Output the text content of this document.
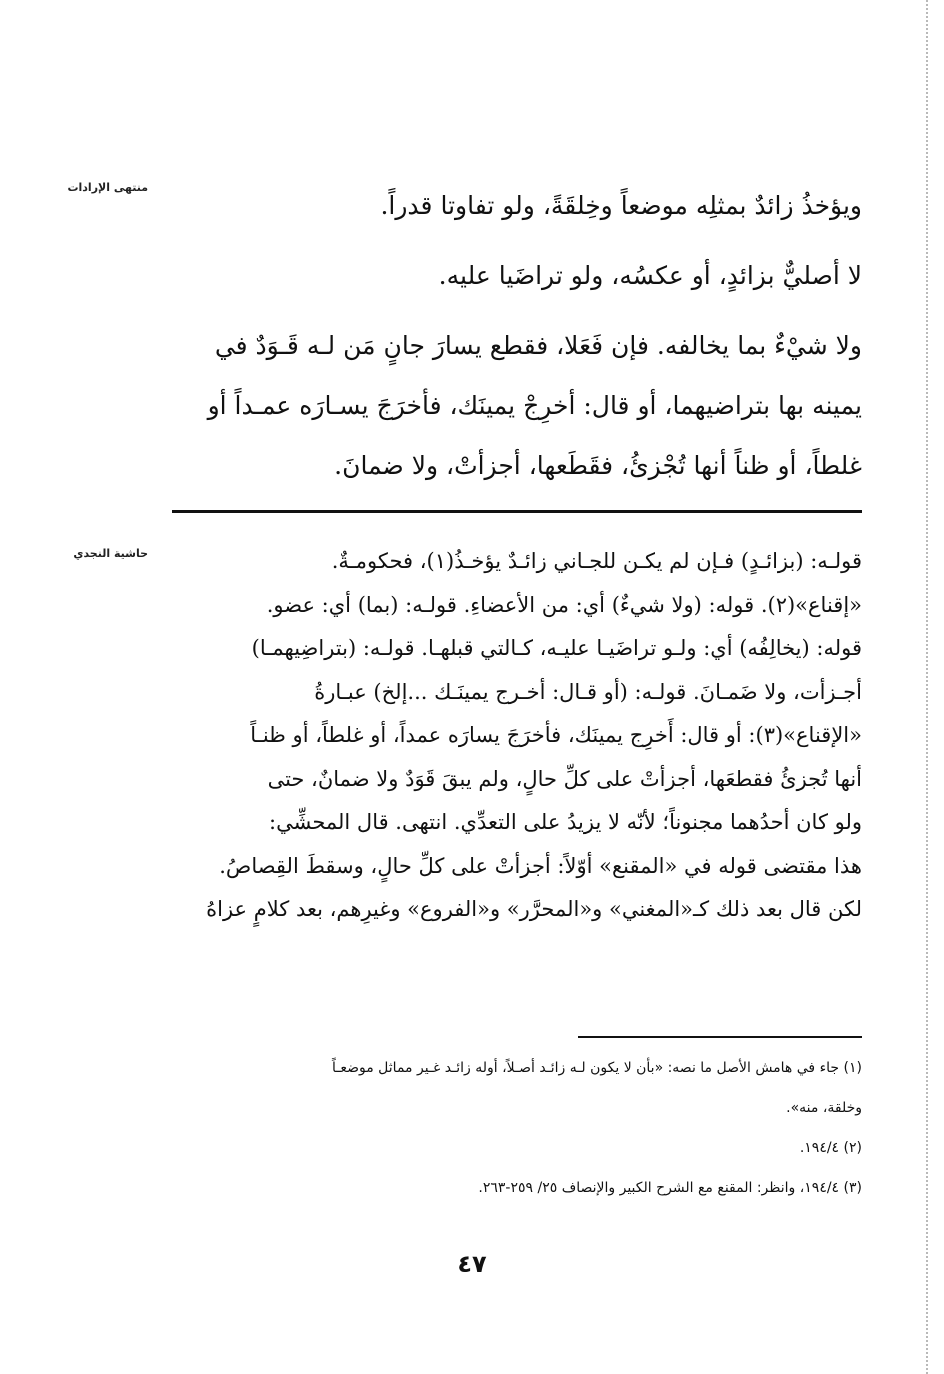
منتهى الإرادات
حاشية النجدي

ويؤخذُ زائدٌ بمثلِه موضعاً وخِلقَةً، ولو تفاوتا قدراً.

لا أصليٌّ بزائدٍ، أو عكسُه، ولو تراضَيا عليه.

ولا شيْءٌ بما يخالفه. فإن فَعَلا، فقطع يسارَ جانٍ مَن لـه قَـوَدٌ في
يمينه بها بتراضيهما، أو قال: أخرِجْ يمينَك، فأخرَجَ يسـارَه عمـداً أو
غلطاً، أو ظناً أنها تُجْزئُ، فقَطَعها، أجزأتْ، ولا ضمانَ.

قولـه: (بزائـدٍ) فـإن لم يكـن للجـاني زائـدٌ يؤخـذُ(١)، فحكومـةٌ.
«إقناع»(٢). قوله: (ولا شيءٌ) أي: من الأعضاءِ. قولـه: (بما) أي: عضو.
قوله: (يخالِفُه) أي: ولـو تراضَيـا عليـه، كـالتي قبلهـا. قولـه: (بتراضِيهمـا)
أجـزأت، ولا ضَمـانَ. قولـه: (أو قـال: أخـرج يمينَـك ...إلخ) عبـارةُ
«الإقناع»(٣): أو قال: أَخرِج يمينَك، فأخرَجَ يسارَه عمداً، أو غلطاً، أو ظنـاً
أنها تُجزئُ فقطعَها، أجزأتْ على كلِّ حالٍ، ولم يبقَ قَوَدٌ ولا ضمانٌ، حتى
ولو كان أحدُهما مجنوناً؛ لأنّه لا يزيدُ على التعدِّي. انتهى. قال المحشِّي:
هذا مقتضى قوله في «المقنع» أوّلاً: أجزأتْ على كلِّ حالٍ، وسقطَ القِصاصُ.
لكن قال بعد ذلك كـ«المغني» و«المحرَّر» و«الفروع» وغيرِهم، بعد كلامٍ عزاهُ
(١) جاء في هامش الأصل ما نصه: «بأن لا يكون لـه زائـد أصـلاً، أوله زائـد غـير مماثل موضعـاً
وخلقة، منه».
(٢) ١٩٤/٤.
(٣) ١٩٤/٤، وانظر: المقنع مع الشرح الكبير والإنصاف ٢٥/ ٢٥٩-٢٦٣.
٤٧
